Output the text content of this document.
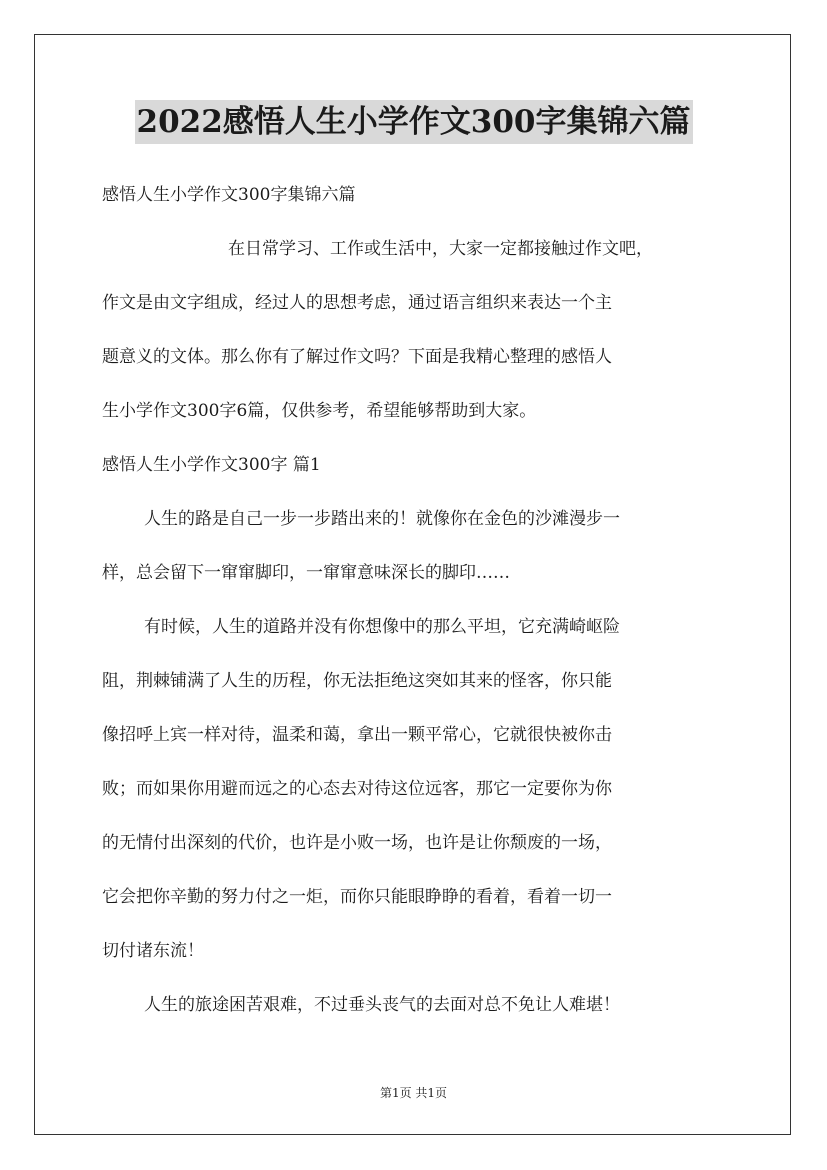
2022感悟人生小学作文300字集锦六篇
感悟人生小学作文300字集锦六篇
在日常学习、工作或生活中，大家一定都接触过作文吧，
作文是由文字组成，经过人的思想考虑，通过语言组织来表达一个主
题意义的文体。那么你有了解过作文吗？下面是我精心整理的感悟人
生小学作文300字6篇，仅供参考，希望能够帮助到大家。
感悟人生小学作文300字 篇1
人生的路是自己一步一步踏出来的！就像你在金色的沙滩漫步一
样，总会留下一窜窜脚印，一窜窜意味深长的脚印……
有时候，人生的道路并没有你想像中的那么平坦，它充满崎岖险
阻，荆棘铺满了人生的历程，你无法拒绝这突如其来的怪客，你只能
像招呼上宾一样对待，温柔和蔼，拿出一颗平常心，它就很快被你击
败；而如果你用避而远之的心态去对待这位远客，那它一定要你为你
的无情付出深刻的代价，也许是小败一场，也许是让你颓废的一场，
它会把你辛勤的努力付之一炬，而你只能眼睁睁的看着，看着一切一
切付诸东流！
人生的旅途困苦艰难，不过垂头丧气的去面对总不免让人难堪！
第1页 共1页
